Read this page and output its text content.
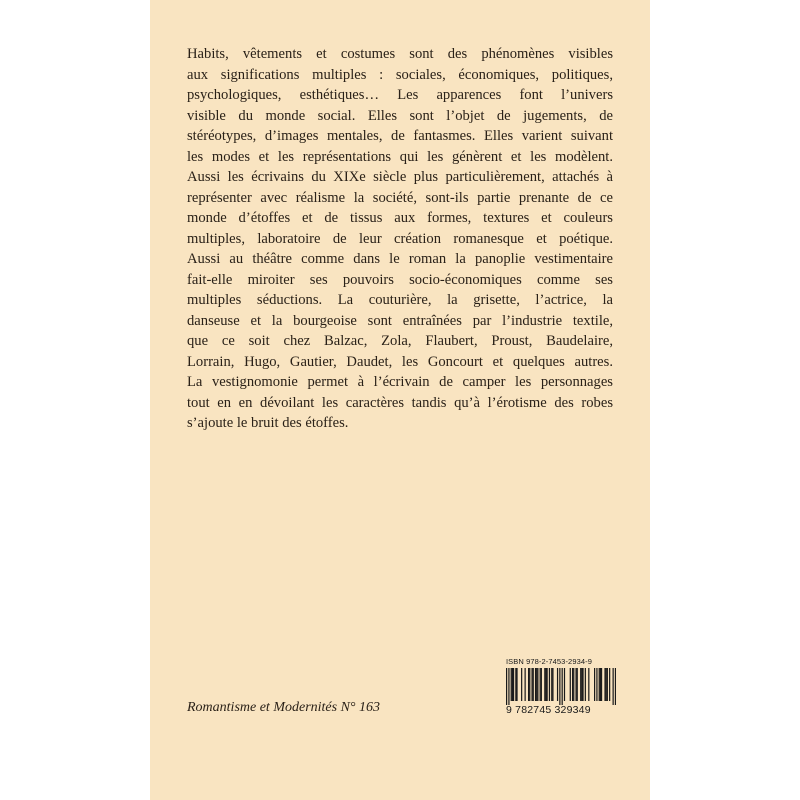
Habits, vêtements et costumes sont des phénomènes visibles
aux significations multiples : sociales, économiques, politiques,
psychologiques, esthétiques… Les apparences font l’univers
visible du monde social. Elles sont l’objet de jugements, de
stéréotypes, d’images mentales, de fantasmes. Elles varient suivant
les modes et les représentations qui les génèrent et les modèlent.
Aussi les écrivains du XIXe siècle plus particulièrement, attachés à
représenter avec réalisme la société, sont-ils partie prenante de ce
monde d’étoffes et de tissus aux formes, textures et couleurs
multiples, laboratoire de leur création romanesque et poétique.
Aussi au théâtre comme dans le roman la panoplie vestimentaire
fait-elle miroiter ses pouvoirs socio-économiques comme ses
multiples séductions. La couturière, la grisette, l’actrice, la
danseuse et la bourgeoise sont entraînées par l’industrie textile,
que ce soit chez Balzac, Zola, Flaubert, Proust, Baudelaire,
Lorrain, Hugo, Gautier, Daudet, les Goncourt et quelques autres.
La vestignomonie permet à l’écrivain de camper les personnages
tout en en dévoilant les caractères tandis qu’à l’érotisme des robes
s’ajoute le bruit des étoffes.
Romantisme et Modernités N° 163
ISBN 978-2-7453-2934-9
9 782745 329349
